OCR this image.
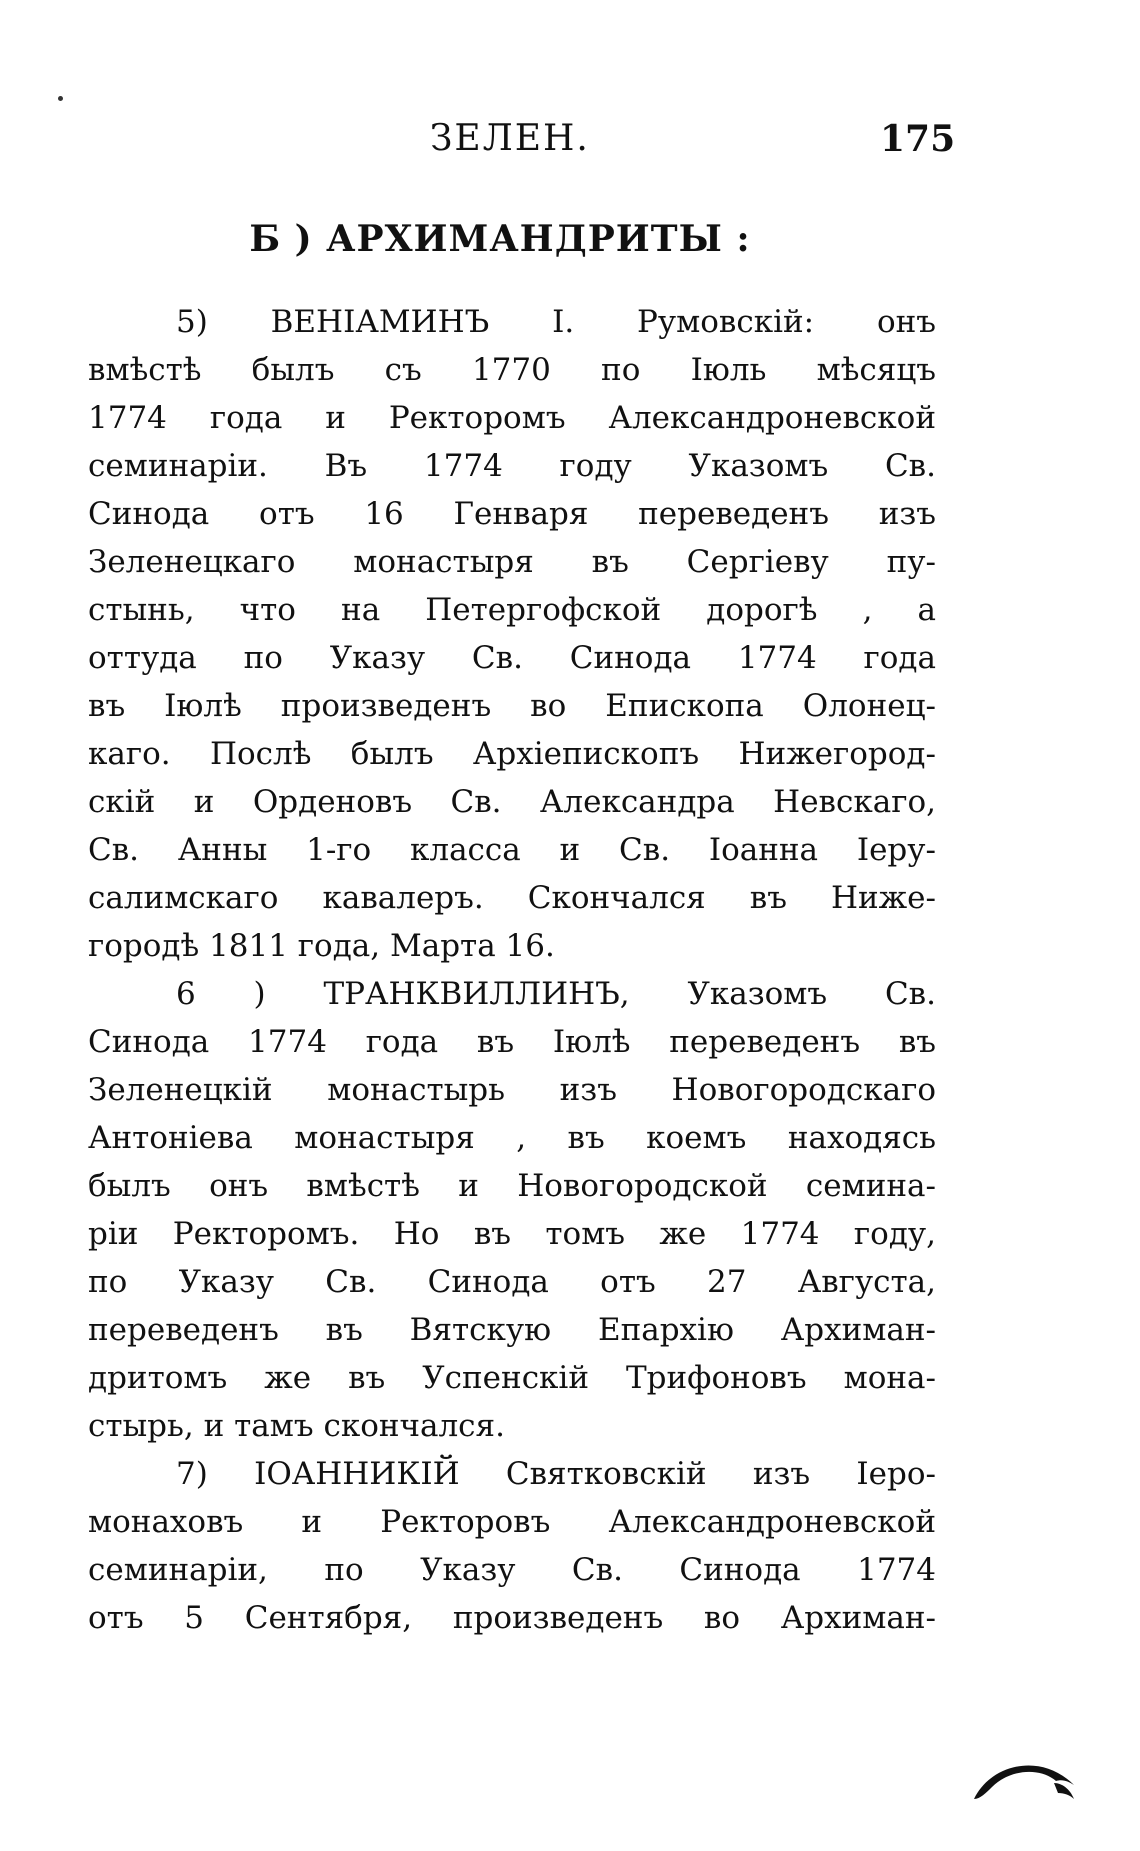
ЗЕЛЕН.	175
Б ) АРХИМАНДРИТЫ :
5) ВЕНІАМИНЪ І. Румовскій: онъ
вмѣстѣ былъ съ 1770 по Іюль мѣсяцъ
1774 года и Ректоромъ Александроневской
семинаріи. Въ 1774 году Указомъ Св.
Синода отъ 16 Генваря переведенъ изъ
Зеленецкаго монастыря въ Сергіеву пу-
стынь, что на Петергофской дорогѣ , а
оттуда по Указу Св. Синода 1774 года
въ Іюлѣ произведенъ во Епископа Олонец-
каго. Послѣ былъ Архіепископъ Нижегород-
скій и Орденовъ Св. Александра Невскаго,
Св. Анны 1-го класса и Св. Іоанна Іеру-
салимскаго кавалеръ. Скончался въ Ниже-
городѣ 1811 года, Марта 16.
6 ) ТРАНКВИЛЛИНЪ, Указомъ Св.
Синода 1774 года въ Іюлѣ переведенъ въ
Зеленецкій монастырь изъ Новогородскаго
Антоніева монастыря , въ коемъ находясь
былъ онъ вмѣстѣ и Новогородской семина-
ріи Ректоромъ. Но въ томъ же 1774 году,
по Указу Св. Синода отъ 27 Августа,
переведенъ въ Вятскую Епархію Архиман-
дритомъ же въ Успенскій Трифоновъ мона-
стырь, и тамъ скончался.
7) ІОАННИКІЙ Святковскій изъ Іеро-
монаховъ и Ректоровъ Александроневской
семинаріи, по Указу Св. Синода 1774
отъ 5 Сентября, произведенъ во Архиман-
